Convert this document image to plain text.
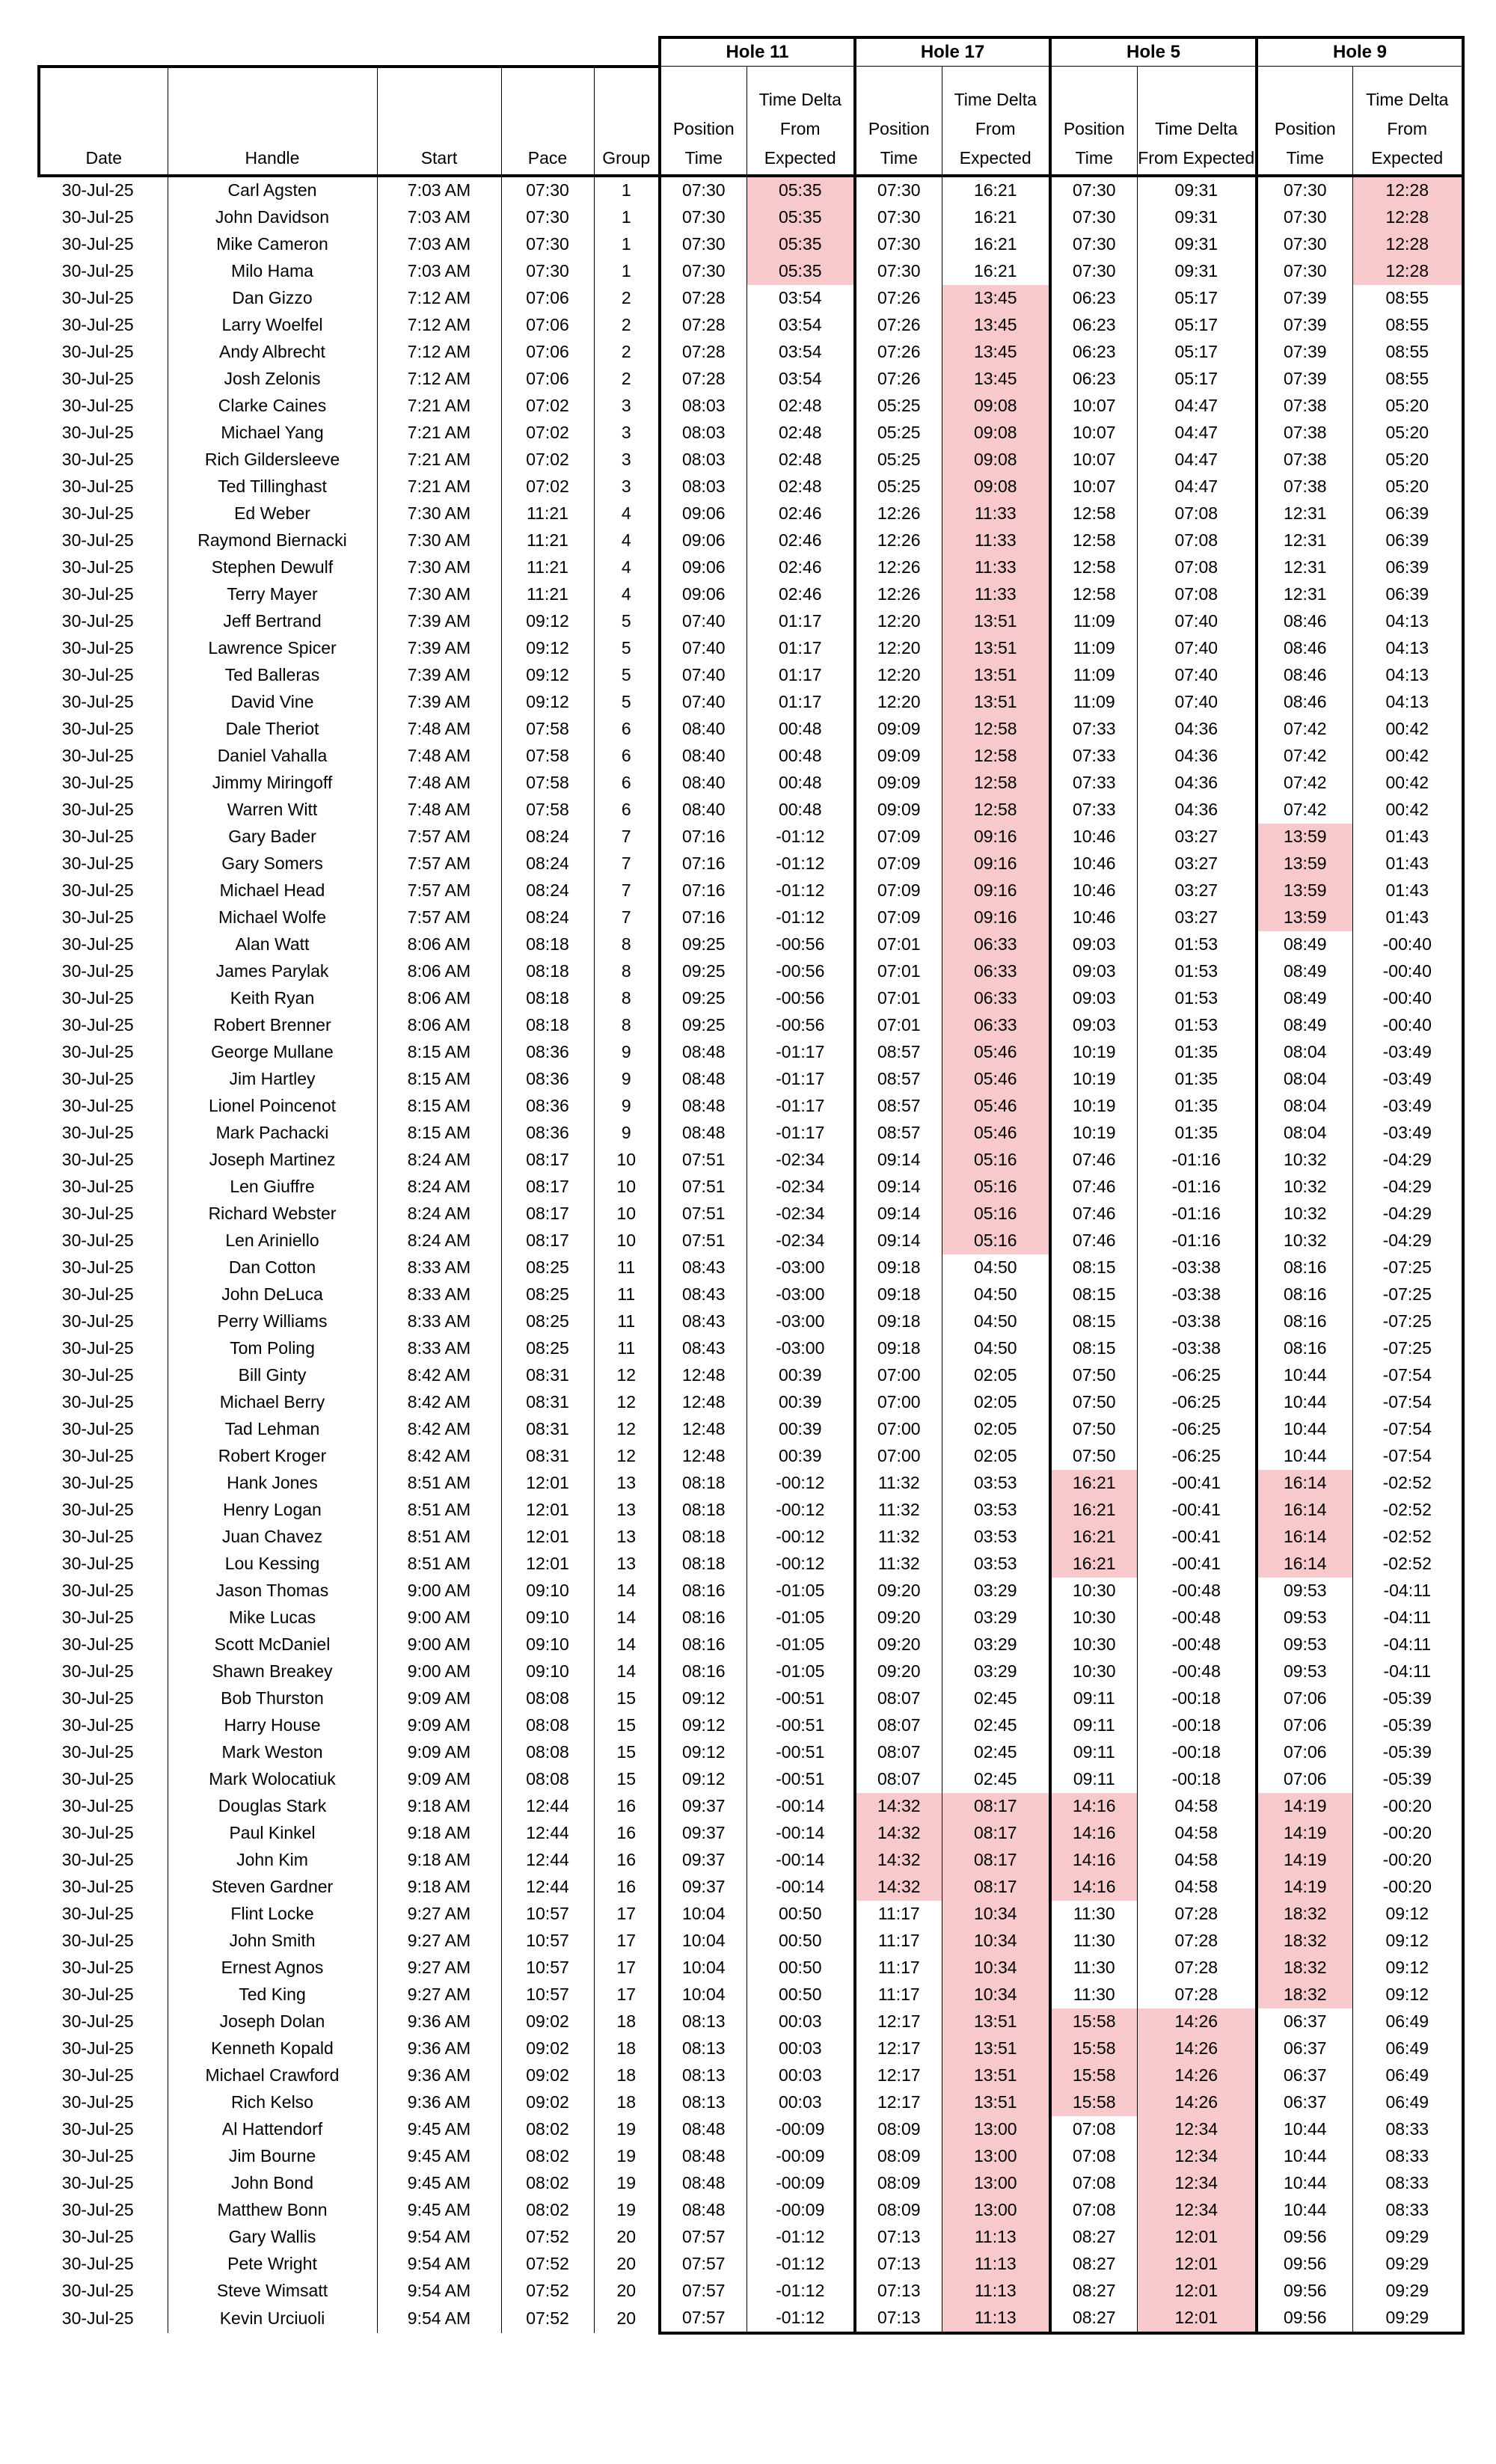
					Hole 11		Hole 17		Hole 5		Hole 9	
Date	Handle	Start	Pace	Group	Position Time	Time Delta From Expected	Position Time	Time Delta From Expected	Position Time	Time Delta From Expected	Position Time	Time Delta From Expected
30-Jul-25	Carl Agsten	7:03 AM	07:30	1	07:30	05:35	07:30	16:21	07:30	09:31	07:30	12:28
30-Jul-25	John Davidson	7:03 AM	07:30	1	07:30	05:35	07:30	16:21	07:30	09:31	07:30	12:28
30-Jul-25	Mike Cameron	7:03 AM	07:30	1	07:30	05:35	07:30	16:21	07:30	09:31	07:30	12:28
30-Jul-25	Milo Hama	7:03 AM	07:30	1	07:30	05:35	07:30	16:21	07:30	09:31	07:30	12:28
30-Jul-25	Dan Gizzo	7:12 AM	07:06	2	07:28	03:54	07:26	13:45	06:23	05:17	07:39	08:55
30-Jul-25	Larry Woelfel	7:12 AM	07:06	2	07:28	03:54	07:26	13:45	06:23	05:17	07:39	08:55
30-Jul-25	Andy Albrecht	7:12 AM	07:06	2	07:28	03:54	07:26	13:45	06:23	05:17	07:39	08:55
30-Jul-25	Josh Zelonis	7:12 AM	07:06	2	07:28	03:54	07:26	13:45	06:23	05:17	07:39	08:55
30-Jul-25	Clarke Caines	7:21 AM	07:02	3	08:03	02:48	05:25	09:08	10:07	04:47	07:38	05:20
30-Jul-25	Michael Yang	7:21 AM	07:02	3	08:03	02:48	05:25	09:08	10:07	04:47	07:38	05:20
30-Jul-25	Rich Gildersleeve	7:21 AM	07:02	3	08:03	02:48	05:25	09:08	10:07	04:47	07:38	05:20
30-Jul-25	Ted Tillinghast	7:21 AM	07:02	3	08:03	02:48	05:25	09:08	10:07	04:47	07:38	05:20
30-Jul-25	Ed Weber	7:30 AM	11:21	4	09:06	02:46	12:26	11:33	12:58	07:08	12:31	06:39
30-Jul-25	Raymond Biernacki	7:30 AM	11:21	4	09:06	02:46	12:26	11:33	12:58	07:08	12:31	06:39
30-Jul-25	Stephen Dewulf	7:30 AM	11:21	4	09:06	02:46	12:26	11:33	12:58	07:08	12:31	06:39
30-Jul-25	Terry Mayer	7:30 AM	11:21	4	09:06	02:46	12:26	11:33	12:58	07:08	12:31	06:39
30-Jul-25	Jeff Bertrand	7:39 AM	09:12	5	07:40	01:17	12:20	13:51	11:09	07:40	08:46	04:13
30-Jul-25	Lawrence Spicer	7:39 AM	09:12	5	07:40	01:17	12:20	13:51	11:09	07:40	08:46	04:13
30-Jul-25	Ted Balleras	7:39 AM	09:12	5	07:40	01:17	12:20	13:51	11:09	07:40	08:46	04:13
30-Jul-25	David Vine	7:39 AM	09:12	5	07:40	01:17	12:20	13:51	11:09	07:40	08:46	04:13
30-Jul-25	Dale Theriot	7:48 AM	07:58	6	08:40	00:48	09:09	12:58	07:33	04:36	07:42	00:42
30-Jul-25	Daniel Vahalla	7:48 AM	07:58	6	08:40	00:48	09:09	12:58	07:33	04:36	07:42	00:42
30-Jul-25	Jimmy Miringoff	7:48 AM	07:58	6	08:40	00:48	09:09	12:58	07:33	04:36	07:42	00:42
30-Jul-25	Warren Witt	7:48 AM	07:58	6	08:40	00:48	09:09	12:58	07:33	04:36	07:42	00:42
30-Jul-25	Gary Bader	7:57 AM	08:24	7	07:16	-01:12	07:09	09:16	10:46	03:27	13:59	01:43
30-Jul-25	Gary Somers	7:57 AM	08:24	7	07:16	-01:12	07:09	09:16	10:46	03:27	13:59	01:43
30-Jul-25	Michael Head	7:57 AM	08:24	7	07:16	-01:12	07:09	09:16	10:46	03:27	13:59	01:43
30-Jul-25	Michael Wolfe	7:57 AM	08:24	7	07:16	-01:12	07:09	09:16	10:46	03:27	13:59	01:43
30-Jul-25	Alan Watt	8:06 AM	08:18	8	09:25	-00:56	07:01	06:33	09:03	01:53	08:49	-00:40
30-Jul-25	James Parylak	8:06 AM	08:18	8	09:25	-00:56	07:01	06:33	09:03	01:53	08:49	-00:40
30-Jul-25	Keith Ryan	8:06 AM	08:18	8	09:25	-00:56	07:01	06:33	09:03	01:53	08:49	-00:40
30-Jul-25	Robert Brenner	8:06 AM	08:18	8	09:25	-00:56	07:01	06:33	09:03	01:53	08:49	-00:40
30-Jul-25	George Mullane	8:15 AM	08:36	9	08:48	-01:17	08:57	05:46	10:19	01:35	08:04	-03:49
30-Jul-25	Jim Hartley	8:15 AM	08:36	9	08:48	-01:17	08:57	05:46	10:19	01:35	08:04	-03:49
30-Jul-25	Lionel Poincenot	8:15 AM	08:36	9	08:48	-01:17	08:57	05:46	10:19	01:35	08:04	-03:49
30-Jul-25	Mark Pachacki	8:15 AM	08:36	9	08:48	-01:17	08:57	05:46	10:19	01:35	08:04	-03:49
30-Jul-25	Joseph Martinez	8:24 AM	08:17	10	07:51	-02:34	09:14	05:16	07:46	-01:16	10:32	-04:29
30-Jul-25	Len Giuffre	8:24 AM	08:17	10	07:51	-02:34	09:14	05:16	07:46	-01:16	10:32	-04:29
30-Jul-25	Richard Webster	8:24 AM	08:17	10	07:51	-02:34	09:14	05:16	07:46	-01:16	10:32	-04:29
30-Jul-25	Len Ariniello	8:24 AM	08:17	10	07:51	-02:34	09:14	05:16	07:46	-01:16	10:32	-04:29
30-Jul-25	Dan Cotton	8:33 AM	08:25	11	08:43	-03:00	09:18	04:50	08:15	-03:38	08:16	-07:25
30-Jul-25	John DeLuca	8:33 AM	08:25	11	08:43	-03:00	09:18	04:50	08:15	-03:38	08:16	-07:25
30-Jul-25	Perry Williams	8:33 AM	08:25	11	08:43	-03:00	09:18	04:50	08:15	-03:38	08:16	-07:25
30-Jul-25	Tom Poling	8:33 AM	08:25	11	08:43	-03:00	09:18	04:50	08:15	-03:38	08:16	-07:25
30-Jul-25	Bill Ginty	8:42 AM	08:31	12	12:48	00:39	07:00	02:05	07:50	-06:25	10:44	-07:54
30-Jul-25	Michael Berry	8:42 AM	08:31	12	12:48	00:39	07:00	02:05	07:50	-06:25	10:44	-07:54
30-Jul-25	Tad Lehman	8:42 AM	08:31	12	12:48	00:39	07:00	02:05	07:50	-06:25	10:44	-07:54
30-Jul-25	Robert Kroger	8:42 AM	08:31	12	12:48	00:39	07:00	02:05	07:50	-06:25	10:44	-07:54
30-Jul-25	Hank Jones	8:51 AM	12:01	13	08:18	-00:12	11:32	03:53	16:21	-00:41	16:14	-02:52
30-Jul-25	Henry Logan	8:51 AM	12:01	13	08:18	-00:12	11:32	03:53	16:21	-00:41	16:14	-02:52
30-Jul-25	Juan Chavez	8:51 AM	12:01	13	08:18	-00:12	11:32	03:53	16:21	-00:41	16:14	-02:52
30-Jul-25	Lou Kessing	8:51 AM	12:01	13	08:18	-00:12	11:32	03:53	16:21	-00:41	16:14	-02:52
30-Jul-25	Jason Thomas	9:00 AM	09:10	14	08:16	-01:05	09:20	03:29	10:30	-00:48	09:53	-04:11
30-Jul-25	Mike Lucas	9:00 AM	09:10	14	08:16	-01:05	09:20	03:29	10:30	-00:48	09:53	-04:11
30-Jul-25	Scott McDaniel	9:00 AM	09:10	14	08:16	-01:05	09:20	03:29	10:30	-00:48	09:53	-04:11
30-Jul-25	Shawn Breakey	9:00 AM	09:10	14	08:16	-01:05	09:20	03:29	10:30	-00:48	09:53	-04:11
30-Jul-25	Bob Thurston	9:09 AM	08:08	15	09:12	-00:51	08:07	02:45	09:11	-00:18	07:06	-05:39
30-Jul-25	Harry House	9:09 AM	08:08	15	09:12	-00:51	08:07	02:45	09:11	-00:18	07:06	-05:39
30-Jul-25	Mark Weston	9:09 AM	08:08	15	09:12	-00:51	08:07	02:45	09:11	-00:18	07:06	-05:39
30-Jul-25	Mark Wolocatiuk	9:09 AM	08:08	15	09:12	-00:51	08:07	02:45	09:11	-00:18	07:06	-05:39
30-Jul-25	Douglas Stark	9:18 AM	12:44	16	09:37	-00:14	14:32	08:17	14:16	04:58	14:19	-00:20
30-Jul-25	Paul Kinkel	9:18 AM	12:44	16	09:37	-00:14	14:32	08:17	14:16	04:58	14:19	-00:20
30-Jul-25	John Kim	9:18 AM	12:44	16	09:37	-00:14	14:32	08:17	14:16	04:58	14:19	-00:20
30-Jul-25	Steven Gardner	9:18 AM	12:44	16	09:37	-00:14	14:32	08:17	14:16	04:58	14:19	-00:20
30-Jul-25	Flint Locke	9:27 AM	10:57	17	10:04	00:50	11:17	10:34	11:30	07:28	18:32	09:12
30-Jul-25	John Smith	9:27 AM	10:57	17	10:04	00:50	11:17	10:34	11:30	07:28	18:32	09:12
30-Jul-25	Ernest Agnos	9:27 AM	10:57	17	10:04	00:50	11:17	10:34	11:30	07:28	18:32	09:12
30-Jul-25	Ted King	9:27 AM	10:57	17	10:04	00:50	11:17	10:34	11:30	07:28	18:32	09:12
30-Jul-25	Joseph Dolan	9:36 AM	09:02	18	08:13	00:03	12:17	13:51	15:58	14:26	06:37	06:49
30-Jul-25	Kenneth Kopald	9:36 AM	09:02	18	08:13	00:03	12:17	13:51	15:58	14:26	06:37	06:49
30-Jul-25	Michael Crawford	9:36 AM	09:02	18	08:13	00:03	12:17	13:51	15:58	14:26	06:37	06:49
30-Jul-25	Rich Kelso	9:36 AM	09:02	18	08:13	00:03	12:17	13:51	15:58	14:26	06:37	06:49
30-Jul-25	Al Hattendorf	9:45 AM	08:02	19	08:48	-00:09	08:09	13:00	07:08	12:34	10:44	08:33
30-Jul-25	Jim Bourne	9:45 AM	08:02	19	08:48	-00:09	08:09	13:00	07:08	12:34	10:44	08:33
30-Jul-25	John Bond	9:45 AM	08:02	19	08:48	-00:09	08:09	13:00	07:08	12:34	10:44	08:33
30-Jul-25	Matthew Bonn	9:45 AM	08:02	19	08:48	-00:09	08:09	13:00	07:08	12:34	10:44	08:33
30-Jul-25	Gary Wallis	9:54 AM	07:52	20	07:57	-01:12	07:13	11:13	08:27	12:01	09:56	09:29
30-Jul-25	Pete Wright	9:54 AM	07:52	20	07:57	-01:12	07:13	11:13	08:27	12:01	09:56	09:29
30-Jul-25	Steve Wimsatt	9:54 AM	07:52	20	07:57	-01:12	07:13	11:13	08:27	12:01	09:56	09:29
30-Jul-25	Kevin Urciuoli	9:54 AM	07:52	20	07:57	-01:12	07:13	11:13	08:27	12:01	09:56	09:29
